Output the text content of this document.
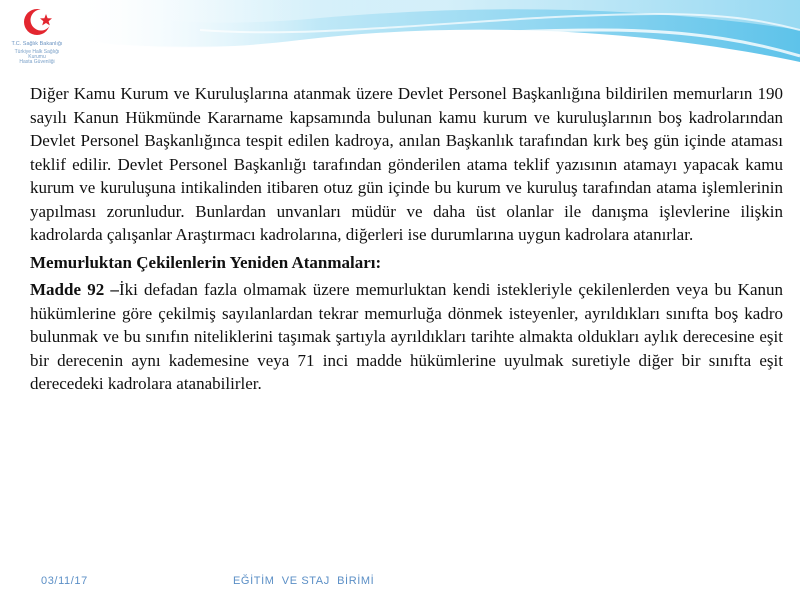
T.C. Sağlık Bakanlığı
Türkiye Halk Sağlığı
Kurumu
Hasta Güvenliği

Diğer Kamu Kurum ve Kuruluşlarına atanmak üzere Devlet Personel Başkanlığına bildirilen memurların 190 sayılı Kanun Hükmünde Kararname kapsamında bulunan kamu kurum ve kuruluşlarının boş kadrolarından Devlet Personel Başkanlığınca tespit edilen kadroya, anılan Başkanlık tarafından kırk beş gün içinde ataması teklif edilir. Devlet Personel Başkanlığı tarafından gönderilen atama teklif yazısının atamayı yapacak kamu kurum ve kuruluşuna intikalinden itibaren otuz gün içinde bu kurum ve kuruluş tarafından atama işlemlerinin yapılması zorunludur. Bunlardan unvanları müdür ve daha üst olanlar ile danışma işlevlerine ilişkin kadrolarda çalışanlar Araştırmacı kadrolarına, diğerleri ise durumlarına uygun kadrolara atanırlar.

Memurluktan Çekilenlerin Yeniden Atanmaları:

Madde 92 –İki defadan fazla olmamak üzere memurluktan kendi istekleriyle çekilenlerden veya bu Kanun hükümlerine göre çekilmiş sayılanlardan tekrar memurluğa dönmek isteyenler, ayrıldıkları sınıfta boş kadro bulunmak ve bu sınıfın niteliklerini taşımak şartıyla ayrıldıkları tarihte almakta oldukları aylık derecesine eşit bir derecenin aynı kademesine veya 71 inci madde hükümlerine uyulmak suretiyle diğer bir sınıfta eşit derecedeki kadrolara atanabilirler.

03/11/17	EĞİTİM  VE STAJ  BİRİMİ
